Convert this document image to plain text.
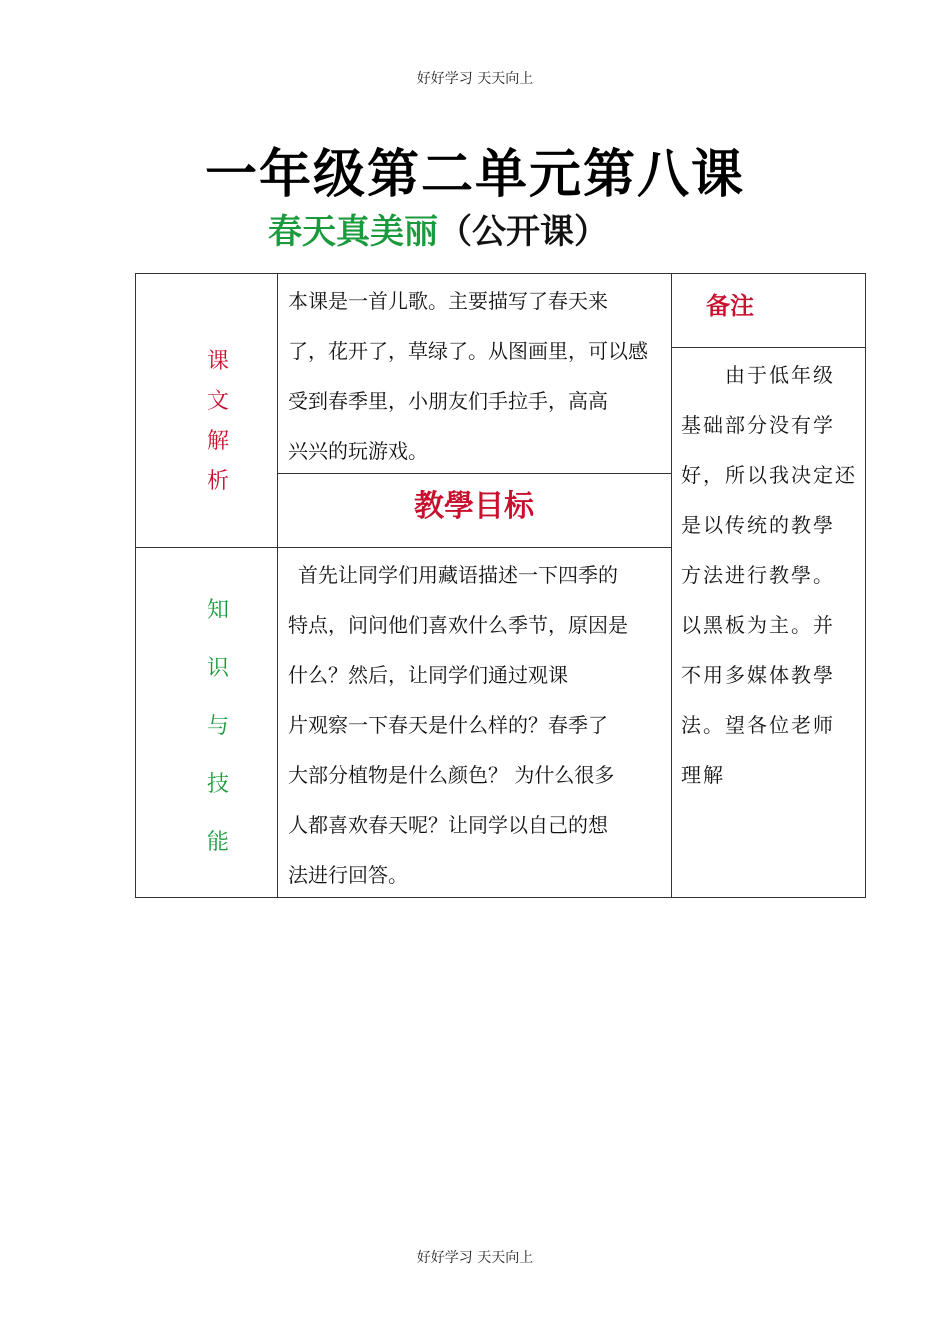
好好学习 天天向上
一年级第二单元第八课
春天真美丽（公开课）
课
文
解
析
本课是一首儿歌。主要描写了春天来
了，花开了，草绿了。从图画里，可以感
受到春季里，小朋友们手拉手，高高
兴兴的玩游戏。
教學目标
知
识
与
技
能
首先让同学们用藏语描述一下四季的
特点，问问他们喜欢什么季节，原因是
什么？然后，让同学们通过观课
片观察一下春天是什么样的？春季了
大部分植物是什么颜色？ 为什么很多
人都喜欢春天呢？让同学以自己的想
法进行回答。
备注
由于低年级
基础部分没有学
好，所以我决定还
是以传统的教學
方法进行教學。
以黑板为主。并
不用多媒体教學
法。望各位老师
理解
好好学习 天天向上
